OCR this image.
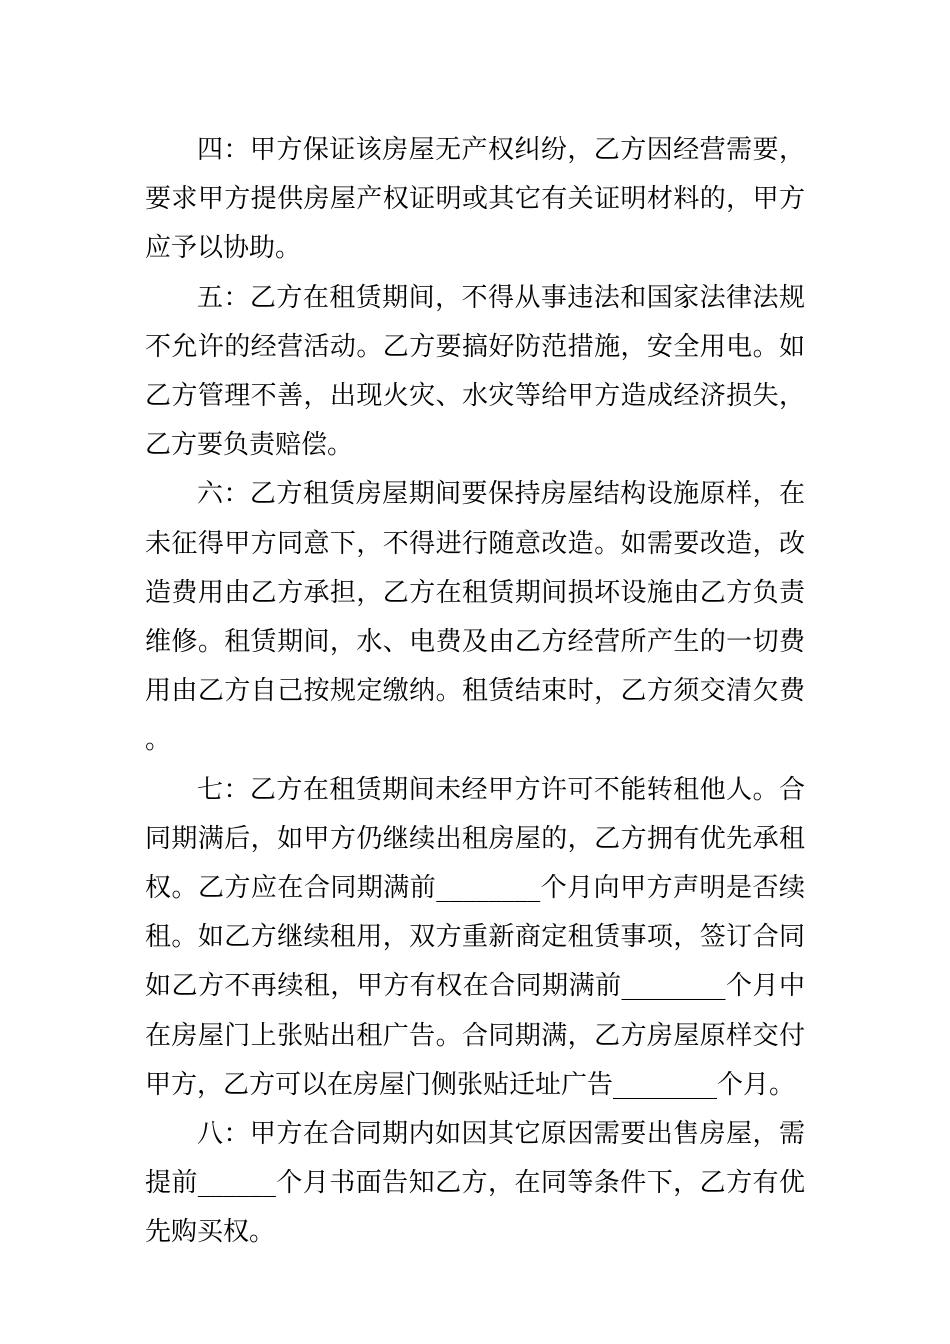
四：甲方保证该房屋无产权纠纷，乙方因经营需要，要求甲方提供房屋产权证明或其它有关证明材料的，甲方应予以协助。

五：乙方在租赁期间，不得从事违法和国家法律法规不允许的经营活动。乙方要搞好防范措施，安全用电。如乙方管理不善，出现火灾、水灾等给甲方造成经济损失，乙方要负责赔偿。

六：乙方租赁房屋期间要保持房屋结构设施原样，在未征得甲方同意下，不得进行随意改造。如需要改造，改造费用由乙方承担，乙方在租赁期间损坏设施由乙方负责维修。租赁期间，水、电费及由乙方经营所产生的一切费用由乙方自己按规定缴纳。租赁结束时，乙方须交清欠费。

七：乙方在租赁期间未经甲方许可不能转租他人。合同期满后，如甲方仍继续出租房屋的，乙方拥有优先承租权。乙方应在合同期满前________个月向甲方声明是否续租。如乙方继续租用，双方重新商定租赁事项，签订合同如乙方不再续租，甲方有权在合同期满前________个月中在房屋门上张贴出租广告。合同期满，乙方房屋原样交付甲方，乙方可以在房屋门侧张贴迁址广告________个月。

八：甲方在合同期内如因其它原因需要出售房屋，需提前______个月书面告知乙方，在同等条件下，乙方有优先购买权。
